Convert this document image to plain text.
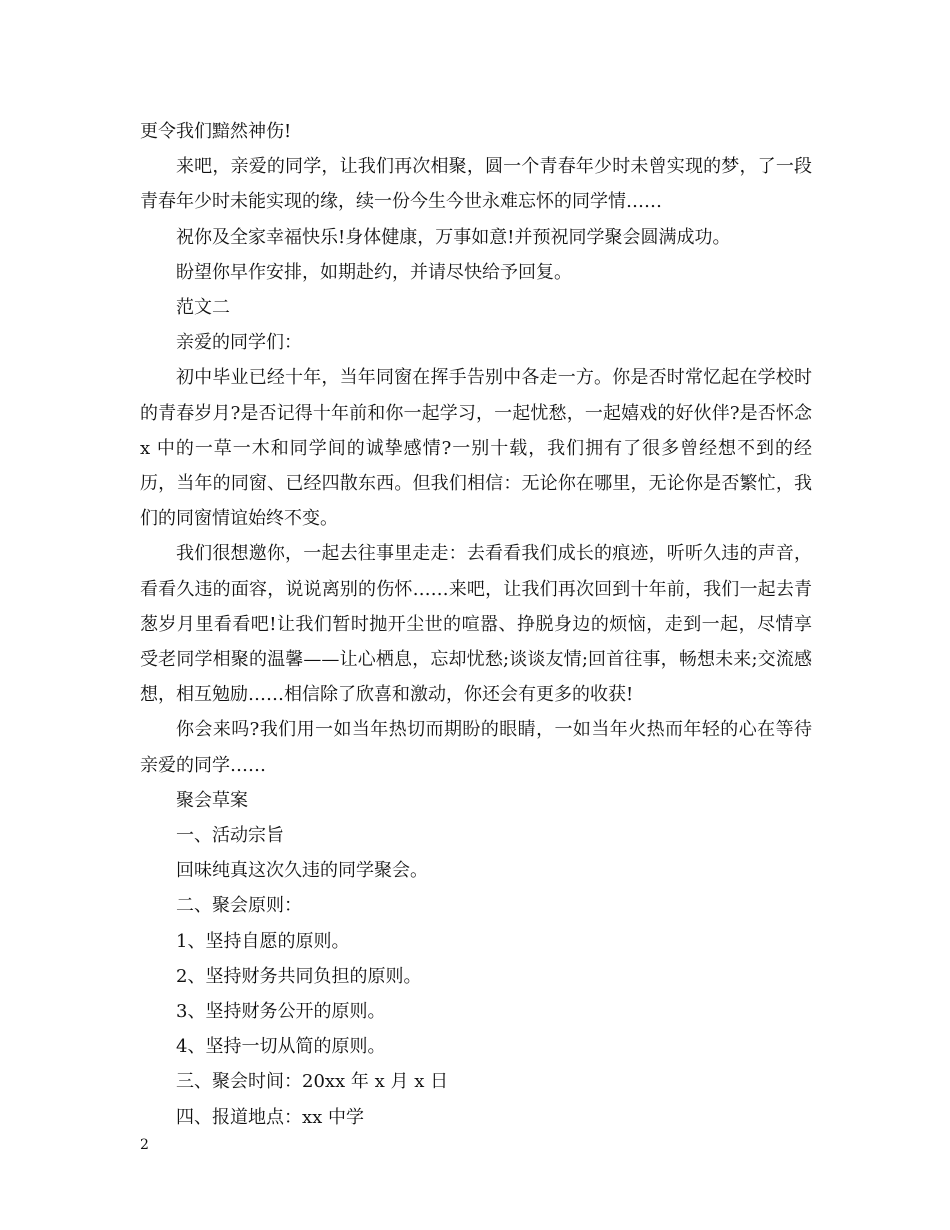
更令我们黯然神伤!

来吧，亲爱的同学，让我们再次相聚，圆一个青春年少时未曾实现的梦，了一段青春年少时未能实现的缘，续一份今生今世永难忘怀的同学情……

祝你及全家幸福快乐!身体健康，万事如意!并预祝同学聚会圆满成功。

盼望你早作安排，如期赴约，并请尽快给予回复。

范文二

亲爱的同学们：

初中毕业已经十年，当年同窗在挥手告别中各走一方。你是否时常忆起在学校时的青春岁月?是否记得十年前和你一起学习，一起忧愁，一起嬉戏的好伙伴?是否怀念 x 中的一草一木和同学间的诚挚感情?一别十载，我们拥有了很多曾经想不到的经历，当年的同窗、已经四散东西。但我们相信：无论你在哪里，无论你是否繁忙，我们的同窗情谊始终不变。

我们很想邀你，一起去往事里走走：去看看我们成长的痕迹，听听久违的声音，看看久违的面容，说说离别的伤怀……来吧，让我们再次回到十年前，我们一起去青葱岁月里看看吧!让我们暂时抛开尘世的喧嚣、挣脱身边的烦恼，走到一起，尽情享受老同学相聚的温馨——让心栖息，忘却忧愁;谈谈友情;回首往事，畅想未来;交流感想，相互勉励……相信除了欣喜和激动，你还会有更多的收获!

你会来吗?我们用一如当年热切而期盼的眼睛，一如当年火热而年轻的心在等待亲爱的同学……

聚会草案

一、活动宗旨

回味纯真这次久违的同学聚会。

二、聚会原则：

1、坚持自愿的原则。

2、坚持财务共同负担的原则。

3、坚持财务公开的原则。

4、坚持一切从简的原则。

三、聚会时间：20xx 年 x 月 x 日

四、报道地点：xx 中学

2
